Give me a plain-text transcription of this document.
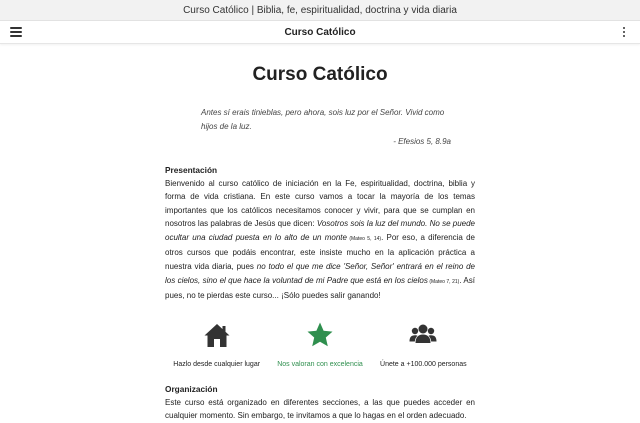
Curso Católico | Biblia, fe, espiritualidad, doctrina y vida diaria
Curso Católico
Curso Católico
Antes sí erais tinieblas, pero ahora, sois luz por el Señor. Vivid como hijos de la luz.
- Efesios 5, 8.9a
Presentación
Bienvenido al curso católico de iniciación en la Fe, espiritualidad, doctrina, biblia y forma de vida cristiana. En este curso vamos a tocar la mayoría de los temas importantes que los católicos necesitamos conocer y vivir, para que se cumplan en nosotros las palabras de Jesús que dicen: Vosotros sois la luz del mundo. No se puede ocultar una ciudad puesta en lo alto de un monte (Mateo 5, 14). Por eso, a diferencia de otros cursos que podáis encontrar, este insiste mucho en la aplicación práctica a nuestra vida diaria, pues no todo el que me dice 'Señor, Señor' entrará en el reino de los cielos, sino el que hace la voluntad de mi Padre que está en los cielos (Mateo 7, 21). Así pues, no te pierdas este curso... ¡Sólo puedes salir ganando!
Hazlo desde cualquier lugar Nos valoran con excelencia Únete a +100.000 personas
Organización
Este curso está organizado en diferentes secciones, a las que puedes acceder en cualquier momento. Sin embargo, te invitamos a que lo hagas en el orden adecuado.
